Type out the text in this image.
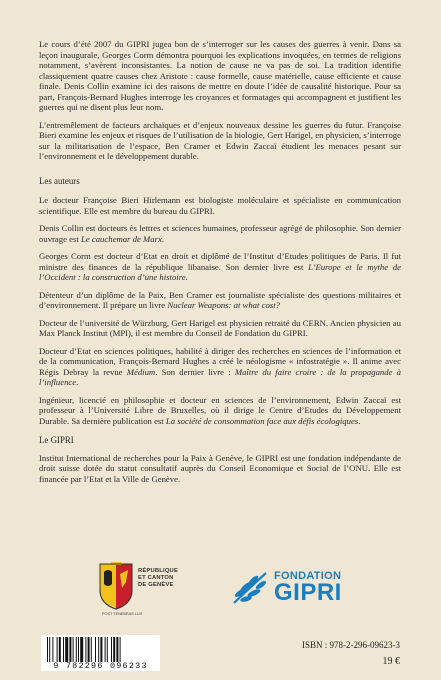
Le cours d’été 2007 du GIPRI jugea bon de s’interroger sur les causes des guerres à venir. Dans sa leçon inaugurale, Georges Corm démontra pourquoi les explications invoquées, en termes de religions notamment, s’avèrent inconsistantes. La notion de cause ne va pas de soi. La tradition identifie classiquement quatre causes chez Aristote : cause formelle, cause matérielle, cause efficiente et cause finale. Denis Collin examine ici des raisons de mettre en doute l’idée de causalité historique. Pour sa part, François-Bernard Hughes interroge les croyances et formatages qui accompagnent et justifient les guerres qui ne disent plus leur nom.

L’entremêlement de facteurs archaïques et d’enjeux nouveaux dessine les guerres du futur. Françoise Bieri examine les enjeux et risques de l’utilisation de la biologie, Gert Harigel, en physicien, s’interroge sur la militarisation de l’espace, Ben Cramer et Edwin Zaccaï étudient les menaces pesant sur l’environnement et le développement durable.

Les auteurs

Le docteur Françoise Bieri Hirlemann est biologiste moléculaire et spécialiste en communication scientifique. Elle est membre du bureau du GIPRI.

Denis Collin est docteurs ès lettres et sciences humaines, professeur agrégé de philosophie. Son dernier ouvrage est Le cauchemar de Marx.

Georges Corm est docteur d’Etat en droit et diplômé de l’Institut d’Etudes politiques de Paris. Il fut ministre des finances de la république libanaise. Son dernier livre est L’Europe et le mythe de l’Occident : la construction d’une histoire.

Détenteur d’un diplôme de la Paix, Ben Cramer est journaliste spécialiste des questions militaires et d’environnement. Il prépare un livre Nuclear Weapons: at what cost?

Docteur de l’université de Würzburg, Gert Harigel est physicien retraité du CERN. Ancien physicien au Max Planck Institut (MPI), il est membre du Conseil de Fondation du GIPRI.

Docteur d’Etat en sciences politiques, habilité à diriger des recherches en sciences de l’information et de la communication, François-Bernard Hughes a créé le néologisme « infostratégie ». Il anime avec Régis Debray la revue Médium. Son dernier livre : Maître du faire croire : de la propagande à l’influence.

Ingénieur, licencié en philosophie et docteur en sciences de l’environnement, Edwin Zaccaï est professeur à l’Université Libre de Bruxelles, où il dirige le Centre d’Etudes du Développement Durable. Sa dernière publication est La société de consommation face aux défis écologiques.

Le GIPRI

Institut International de recherches pour la Paix à Genève, le GIPRI est une fondation indépendante de droit suisse dotée du statut consultatif auprès du Conseil Economique et Social de l’ONU. Elle est financée par l’Etat et la Ville de Genève.

RÉPUBLIQUE
ET CANTON
DE GENÈVE
POST TENEBRAS LUX
FONDATION
GIPRI
9 782296 096233
ISBN : 978-2-296-09623-3
19 €
